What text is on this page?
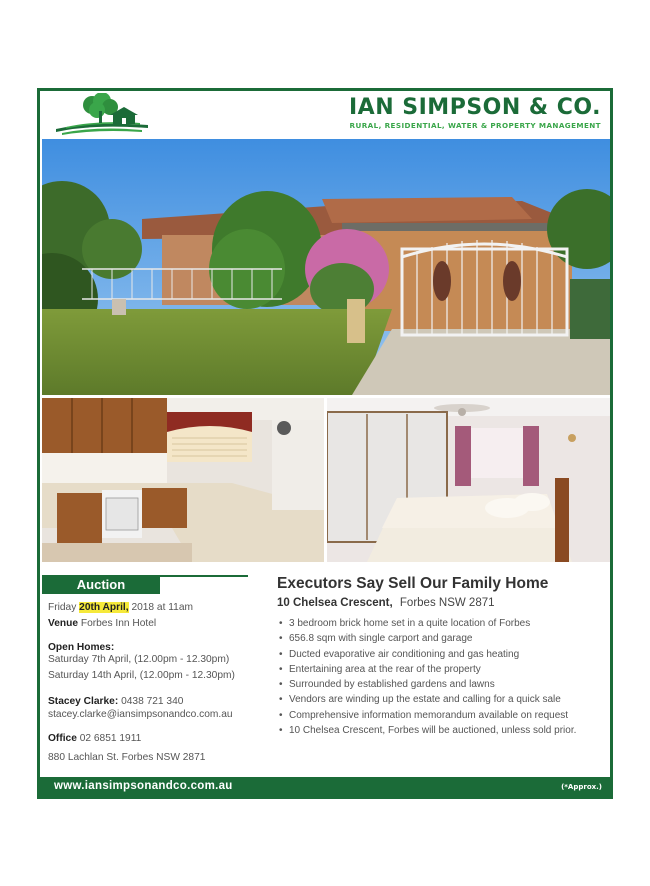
IAN SIMPSON & CO.
RURAL, RESIDENTIAL, WATER & PROPERTY MANAGEMENT
Auction
Friday 20th April, 2018 at 11am
Venue Forbes Inn Hotel
Open Homes:
Saturday 7th April, (12.00pm - 12.30pm)
Saturday 14th April, (12.00pm - 12.30pm)
Stacey Clarke: 0438 721 340
stacey.clarke@iansimpsonandco.com.au
Office 02 6851 1911
880 Lachlan St. Forbes NSW 2871
Executors Say Sell Our Family Home
10 Chelsea Crescent, Forbes NSW 2871
• 3 bedroom brick home set in a quite location of Forbes
• 656.8 sqm with single carport and garage
• Ducted evaporative air conditioning and gas heating
• Entertaining area at the rear of the property
• Surrounded by established gardens and lawns
• Vendors are winding up the estate and calling for a quick sale
• Comprehensive information memorandum available on request
• 10 Chelsea Crescent, Forbes will be auctioned, unless sold prior.
www.iansimpsonandco.com.au	(*Approx.)
